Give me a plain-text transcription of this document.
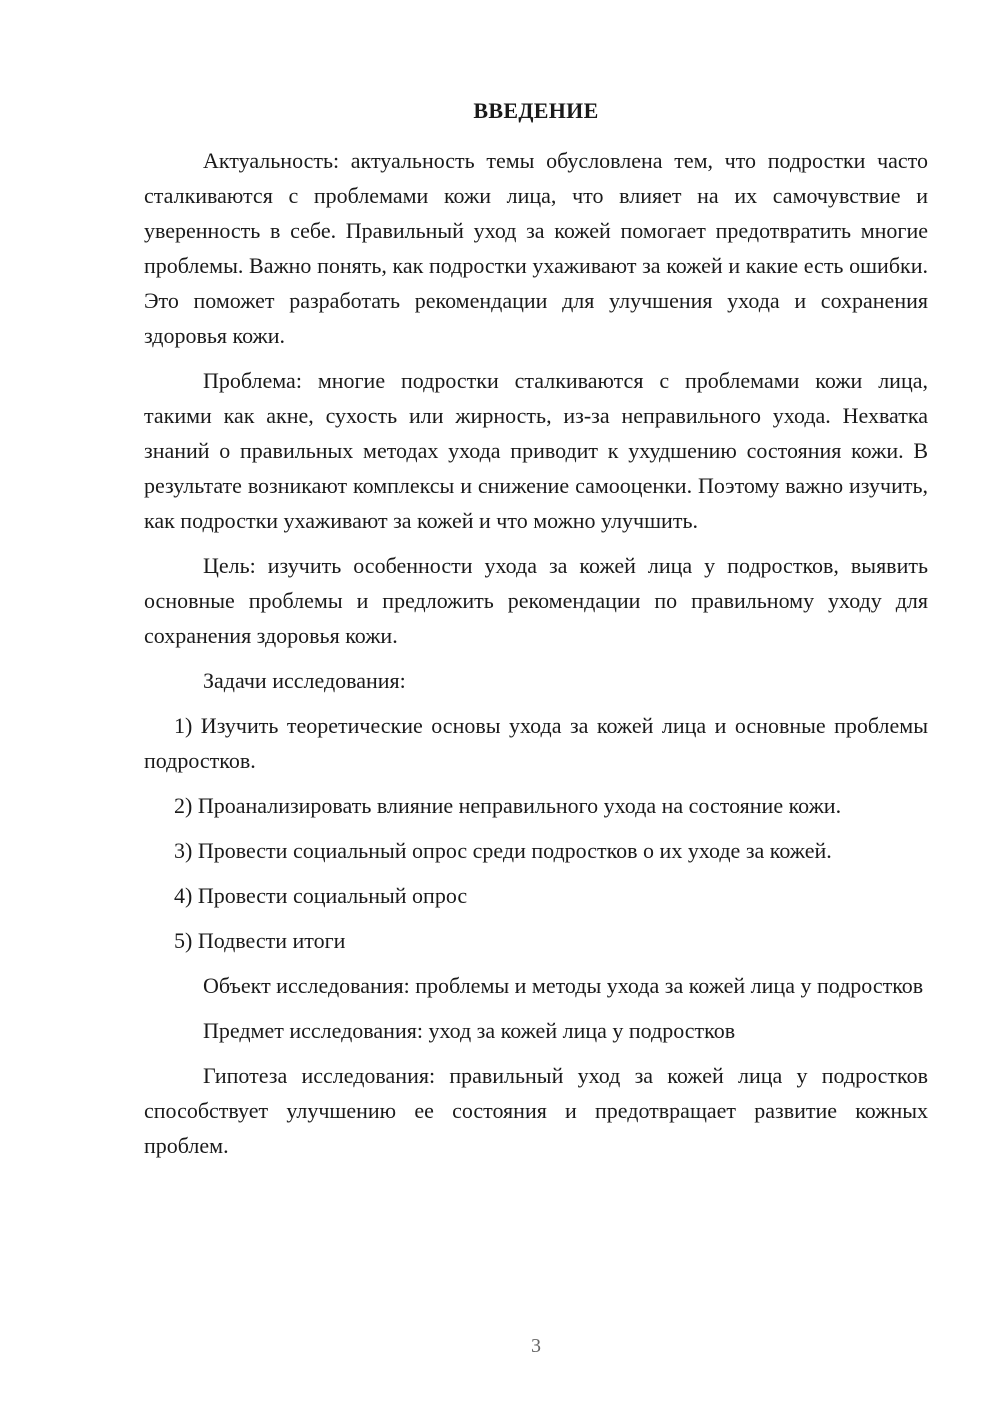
ВВЕДЕНИЕ

Актуальность: актуальность темы обусловлена тем, что подростки часто сталкиваются с проблемами кожи лица, что влияет на их самочувствие и уверенность в себе. Правильный уход за кожей помогает предотвратить многие проблемы. Важно понять, как подростки ухаживают за кожей и какие есть ошибки. Это поможет разработать рекомендации для улучшения ухода и сохранения здоровья кожи.

Проблема: многие подростки сталкиваются с проблемами кожи лица, такими как акне, сухость или жирность, из-за неправильного ухода. Нехватка знаний о правильных методах ухода приводит к ухудшению состояния кожи. В результате возникают комплексы и снижение самооценки. Поэтому важно изучить, как подростки ухаживают за кожей и что можно улучшить.

Цель: изучить особенности ухода за кожей лица у подростков, выявить основные проблемы и предложить рекомендации по правильному уходу для сохранения здоровья кожи.

Задачи исследования:

1) Изучить теоретические основы ухода за кожей лица и основные проблемы подростков.

2) Проанализировать влияние неправильного ухода на состояние кожи.

3) Провести социальный опрос среди подростков о их уходе за кожей.

4) Провести социальный опрос

5) Подвести итоги

Объект исследования: проблемы и методы ухода за кожей лица у подростков

Предмет исследования: уход за кожей лица у подростков

Гипотеза исследования: правильный уход за кожей лица у подростков способствует улучшению ее состояния и предотвращает развитие кожных проблем.

3
